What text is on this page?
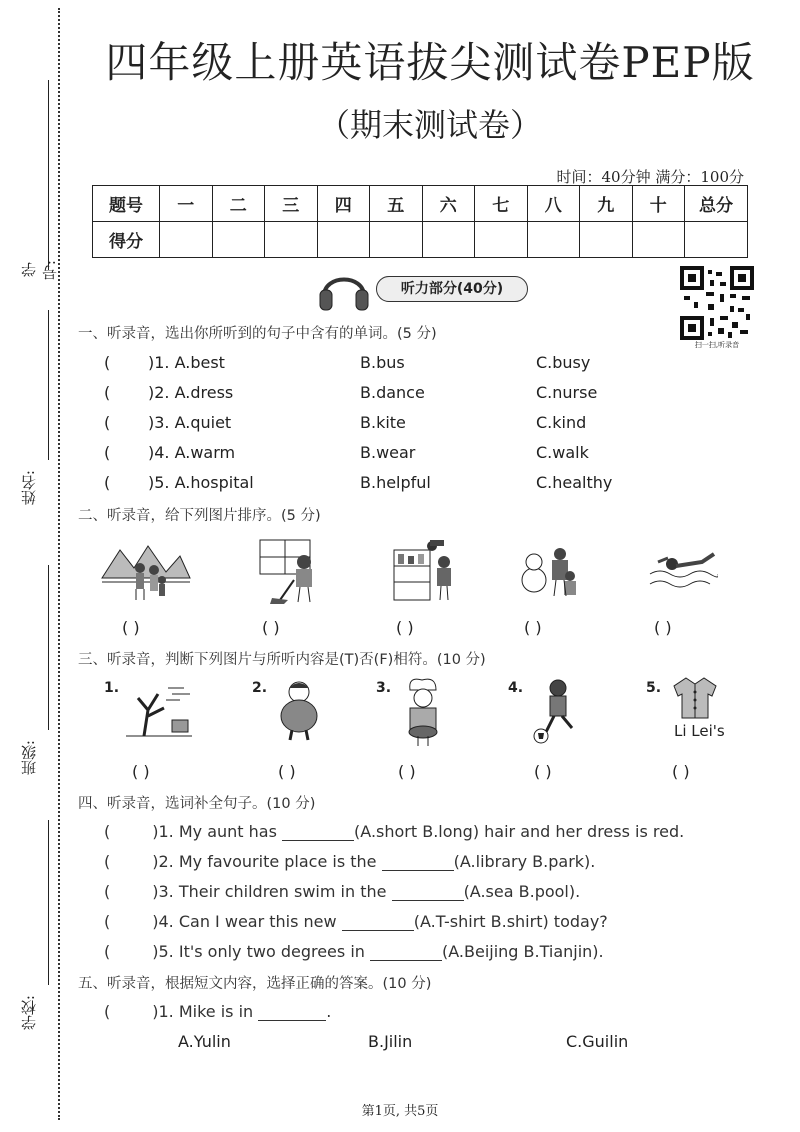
学号:
姓名:
班级:
学校:
四年级上册英语拔尖测试卷PEP版
（期末测试卷）
时间：40分钟 满分：100分
题号	一	二	三	四	五	六	七	八	九	十	总分
得分											
听力部分(40分)
扫一扫,听录音
一、听录音，选出你所听到的句子中含有的单词。(5 分)
( )1. A.best	B.bus	C.busy
( )2. A.dress	B.dance	C.nurse
( )3. A.quiet	B.kite	C.kind
( )4. A.warm	B.wear	C.walk
( )5. A.hospital	B.helpful	C.healthy
二、听录音，给下列图片排序。(5 分)
( )	( )	( )	( )	( )
三、听录音，判断下列图片与所听内容是(T)否(F)相符。(10 分)
1.	2.	3.	4.	5.
Li Lei's
( )	( )	( )	( )	( )
四、听录音，选词补全句子。(10 分)
(	)1. My aunt has	(A.short B.long) hair and her dress is red.
(	)2. My favourite place is the	(A.library B.park).
(	)3. Their children swim in the	(A.sea B.pool).
(	)4. Can I wear this new	(A.T-shirt B.shirt) today?
(	)5. It's only two degrees in	(A.Beijing B.Tianjin).
五、听录音，根据短文内容，选择正确的答案。(10 分)
(	)1. Mike is in	.
A.Yulin	B.Jilin	C.Guilin
第1页, 共5页
